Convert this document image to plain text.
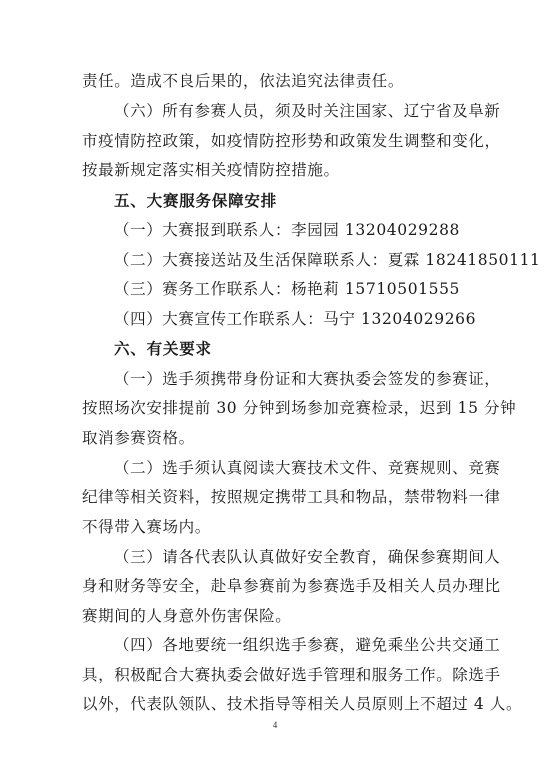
责任。造成不良后果的，依法追究法律责任。
（六）所有参赛人员，须及时关注国家、辽宁省及阜新
市疫情防控政策，如疫情防控形势和政策发生调整和变化，
按最新规定落实相关疫情防控措施。
五、大赛服务保障安排
（一）大赛报到联系人：李园园 13204029288
（二）大赛接送站及生活保障联系人：夏霖 18241850111
（三）赛务工作联系人：杨艳莉 15710501555
（四）大赛宣传工作联系人：马宁 13204029266
六、有关要求
（一）选手须携带身份证和大赛执委会签发的参赛证，
按照场次安排提前 30 分钟到场参加竞赛检录，迟到 15 分钟
取消参赛资格。
（二）选手须认真阅读大赛技术文件、竞赛规则、竞赛
纪律等相关资料，按照规定携带工具和物品，禁带物料一律
不得带入赛场内。
（三）请各代表队认真做好安全教育，确保参赛期间人
身和财务等安全，赴阜参赛前为参赛选手及相关人员办理比
赛期间的人身意外伤害保险。
（四）各地要统一组织选手参赛，避免乘坐公共交通工
具，积极配合大赛执委会做好选手管理和服务工作。除选手
以外，代表队领队、技术指导等相关人员原则上不超过 4 人。
4
